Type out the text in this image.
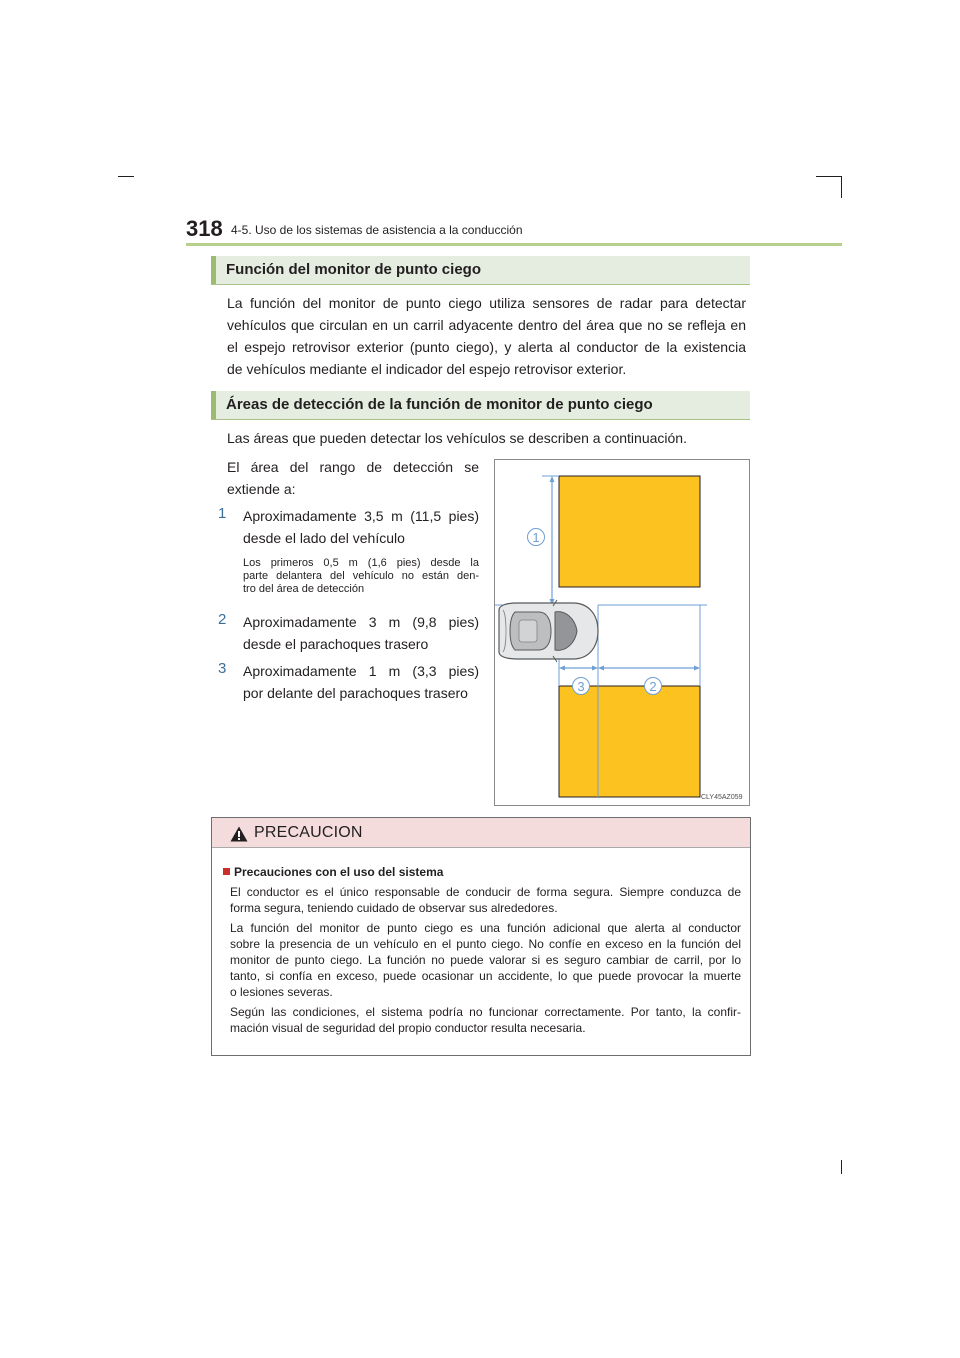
318 4-5. Uso de los sistemas de asistencia a la conducción
Función del monitor de punto ciego
La función del monitor de punto ciego utiliza sensores de radar para detectar
vehículos que circulan en un carril adyacente dentro del área que no se refleja en
el espejo retrovisor exterior (punto ciego), y alerta al conductor de la existencia
de vehículos mediante el indicador del espejo retrovisor exterior.
Áreas de detección de la función de monitor de punto ciego
Las áreas que pueden detectar los vehículos se describen a continuación.
El área del rango de detección se
extiende a:
1 Aproximadamente 3,5 m (11,5 pies)
desde el lado del vehículo
Los primeros 0,5 m (1,6 pies) desde la
parte delantera del vehículo no están den-
tro del área de detección
2 Aproximadamente 3 m (9,8 pies)
desde el parachoques trasero
3 Aproximadamente 1 m (3,3 pies)
por delante del parachoques trasero
1
3	2
CLY45AZ059
PRECAUCION
Precauciones con el uso del sistema
El conductor es el único responsable de conducir de forma segura. Siempre conduzca de
forma segura, teniendo cuidado de observar sus alrededores.
La función del monitor de punto ciego es una función adicional que alerta al conductor
sobre la presencia de un vehículo en el punto ciego. No confíe en exceso en la función del
monitor de punto ciego. La función no puede valorar si es seguro cambiar de carril, por lo
tanto, si confía en exceso, puede ocasionar un accidente, lo que puede provocar la muerte
o lesiones severas.
Según las condiciones, el sistema podría no funcionar correctamente. Por tanto, la confir-
mación visual de seguridad del propio conductor resulta necesaria.
